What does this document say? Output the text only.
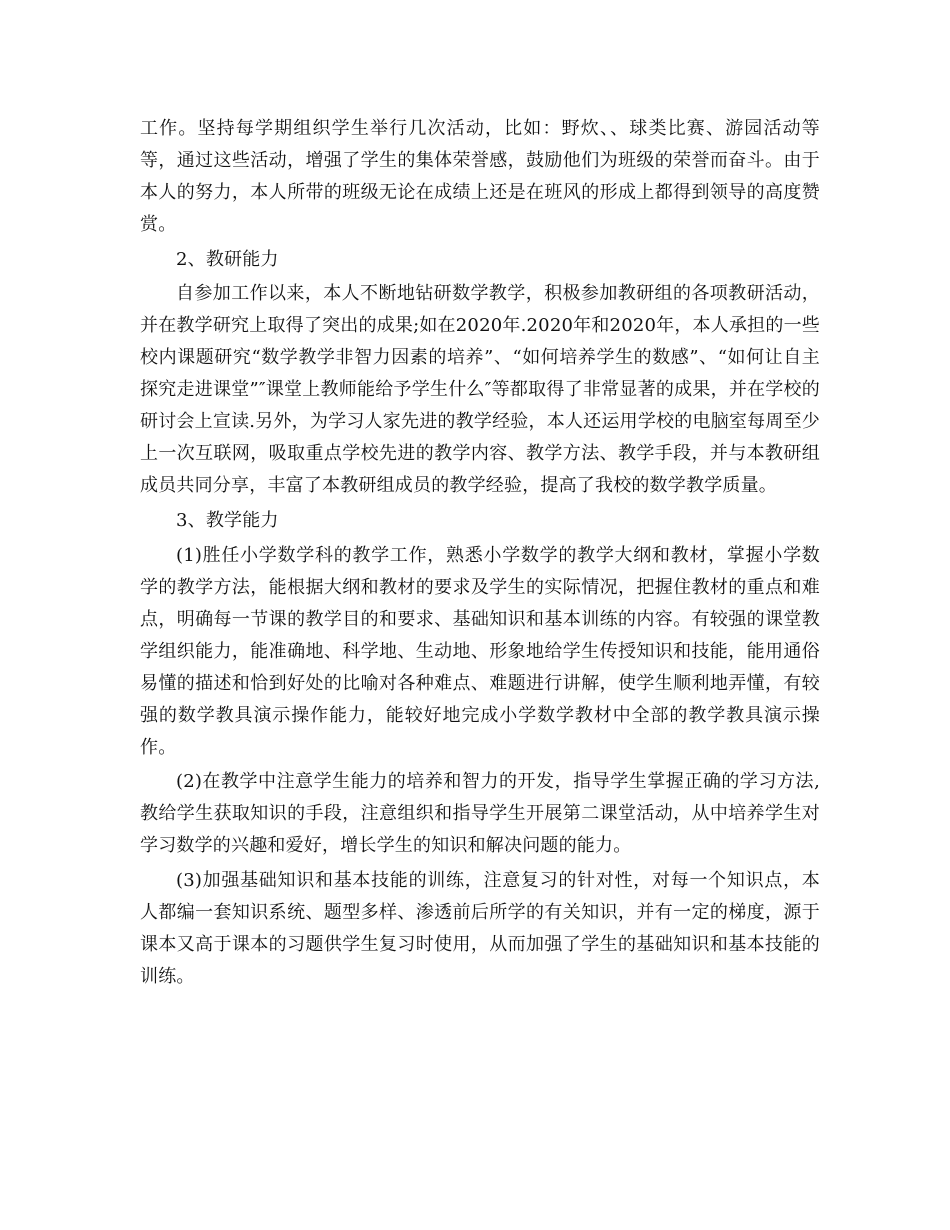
工作。坚持每学期组织学生举行几次活动，比如：野炊、、球类比赛、游园活动等等，通过这些活动，增强了学生的集体荣誉感，鼓励他们为班级的荣誉而奋斗。由于本人的努力，本人所带的班级无论在成绩上还是在班风的形成上都得到领导的高度赞赏。

2、教研能力

自参加工作以来，本人不断地钻研数学教学，积极参加教研组的各项教研活动，并在教学研究上取得了突出的成果;如在2020年.2020年和2020年，本人承担的一些校内课题研究“数学教学非智力因素的培养”、“如何培养学生的数感”、“如何让自主探究走进课堂”″课堂上教师能给予学生什么″等都取得了非常显著的成果，并在学校的研讨会上宣读.另外，为学习人家先进的教学经验，本人还运用学校的电脑室每周至少上一次互联网，吸取重点学校先进的教学内容、教学方法、教学手段，并与本教研组成员共同分享，丰富了本教研组成员的教学经验，提高了我校的数学教学质量。

3、教学能力

(1)胜任小学数学科的教学工作，熟悉小学数学的教学大纲和教材，掌握小学数学的教学方法，能根据大纲和教材的要求及学生的实际情况，把握住教材的重点和难点，明确每一节课的教学目的和要求、基础知识和基本训练的内容。有较强的课堂教学组织能力，能准确地、科学地、生动地、形象地给学生传授知识和技能，能用通俗易懂的描述和恰到好处的比喻对各种难点、难题进行讲解，使学生顺利地弄懂，有较强的数学教具演示操作能力，能较好地完成小学数学教材中全部的教学教具演示操作。

(2)在教学中注意学生能力的培养和智力的开发，指导学生掌握正确的学习方法,教给学生获取知识的手段，注意组织和指导学生开展第二课堂活动，从中培养学生对学习数学的兴趣和爱好，增长学生的知识和解决问题的能力。

(3)加强基础知识和基本技能的训练，注意复习的针对性，对每一个知识点，本人都编一套知识系统、题型多样、渗透前后所学的有关知识，并有一定的梯度，源于课本又高于课本的习题供学生复习时使用，从而加强了学生的基础知识和基本技能的训练。
